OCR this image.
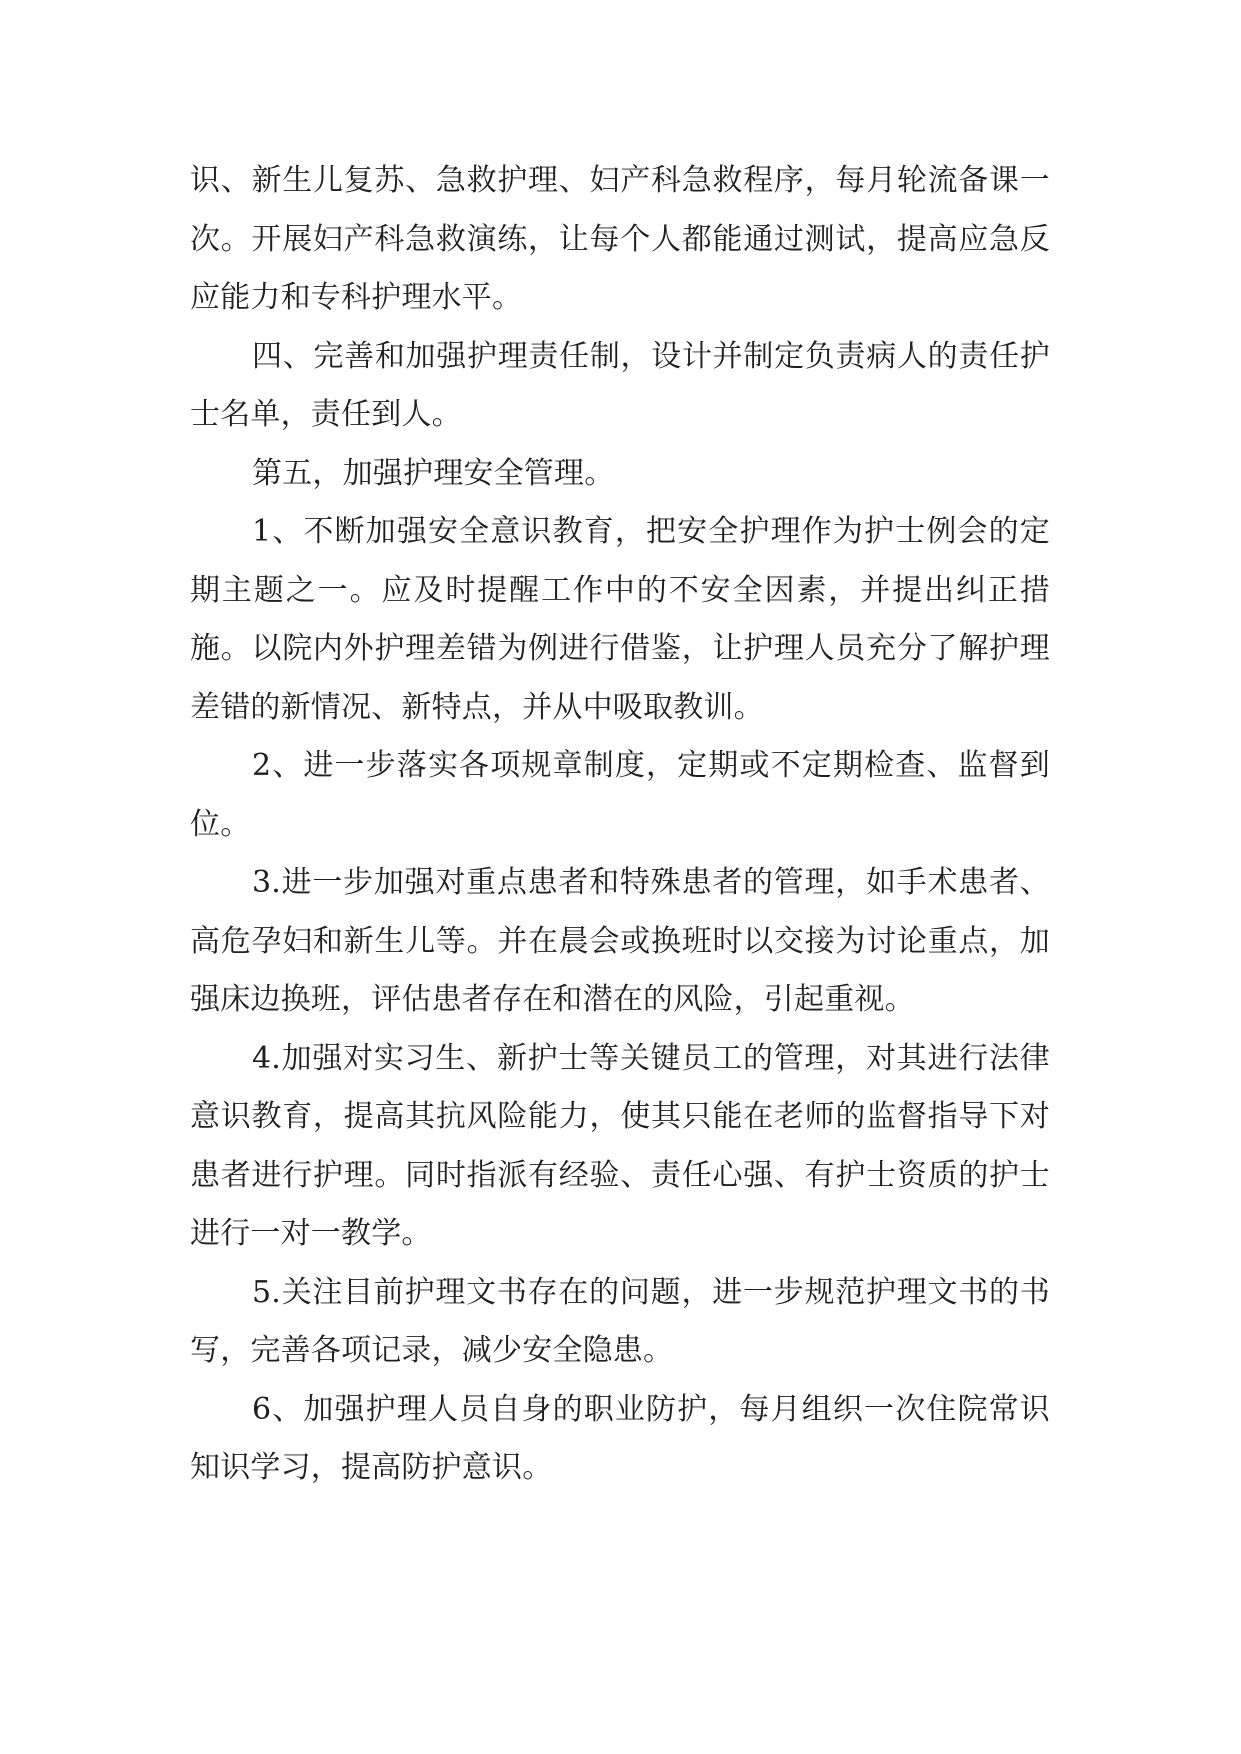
识、新生儿复苏、急救护理、妇产科急救程序，每月轮流备课一次。开展妇产科急救演练，让每个人都能通过测试，提高应急反应能力和专科护理水平。

四、完善和加强护理责任制，设计并制定负责病人的责任护士名单，责任到人。

第五，加强护理安全管理。

1、不断加强安全意识教育，把安全护理作为护士例会的定期主题之一。应及时提醒工作中的不安全因素，并提出纠正措施。以院内外护理差错为例进行借鉴，让护理人员充分了解护理差错的新情况、新特点，并从中吸取教训。

2、进一步落实各项规章制度，定期或不定期检查、监督到位。

3.进一步加强对重点患者和特殊患者的管理，如手术患者、高危孕妇和新生儿等。并在晨会或换班时以交接为讨论重点，加强床边换班，评估患者存在和潜在的风险，引起重视。

4.加强对实习生、新护士等关键员工的管理，对其进行法律意识教育，提高其抗风险能力，使其只能在老师的监督指导下对患者进行护理。同时指派有经验、责任心强、有护士资质的护士进行一对一教学。

5.关注目前护理文书存在的问题，进一步规范护理文书的书写，完善各项记录，减少安全隐患。

6、加强护理人员自身的职业防护，每月组织一次住院常识知识学习，提高防护意识。
